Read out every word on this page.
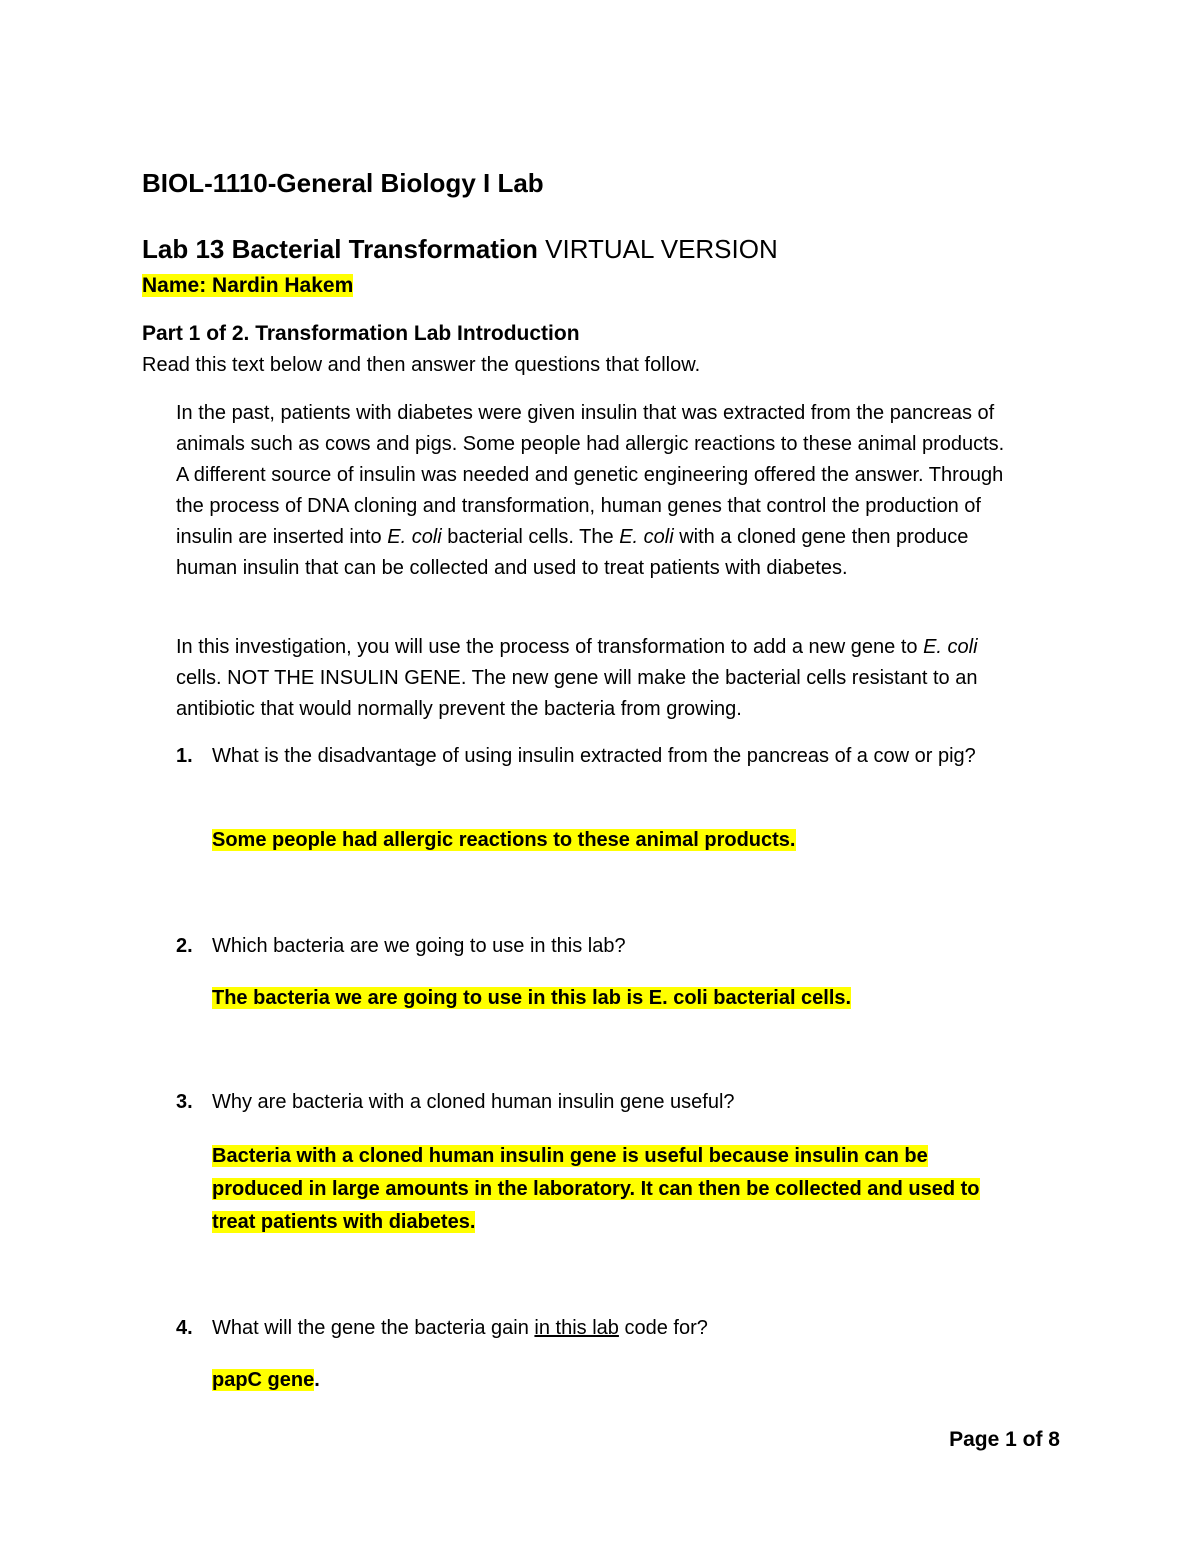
BIOL-1110-General Biology I Lab

Lab 13 Bacterial Transformation VIRTUAL VERSION

Name: Nardin Hakem

Part 1 of 2. Transformation Lab Introduction

Read this text below and then answer the questions that follow.

In the past, patients with diabetes were given insulin that was extracted from the pancreas of animals such as cows and pigs. Some people had allergic reactions to these animal products. A different source of insulin was needed and genetic engineering offered the answer. Through the process of DNA cloning and transformation, human genes that control the production of insulin are inserted into E. coli bacterial cells. The E. coli with a cloned gene then produce human insulin that can be collected and used to treat patients with diabetes.

In this investigation, you will use the process of transformation to add a new gene to E. coli cells. NOT THE INSULIN GENE. The new gene will make the bacterial cells resistant to an antibiotic that would normally prevent the bacteria from growing.

1. What is the disadvantage of using insulin extracted from the pancreas of a cow or pig?
Some people had allergic reactions to these animal products.
2. Which bacteria are we going to use in this lab?
The bacteria we are going to use in this lab is E. coli bacterial cells.
3. Why are bacteria with a cloned human insulin gene useful?
Bacteria with a cloned human insulin gene is useful because insulin can be produced in large amounts in the laboratory. It can then be collected and used to treat patients with diabetes.
4. What will the gene the bacteria gain in this lab code for?
papC gene.
Page 1 of 8
